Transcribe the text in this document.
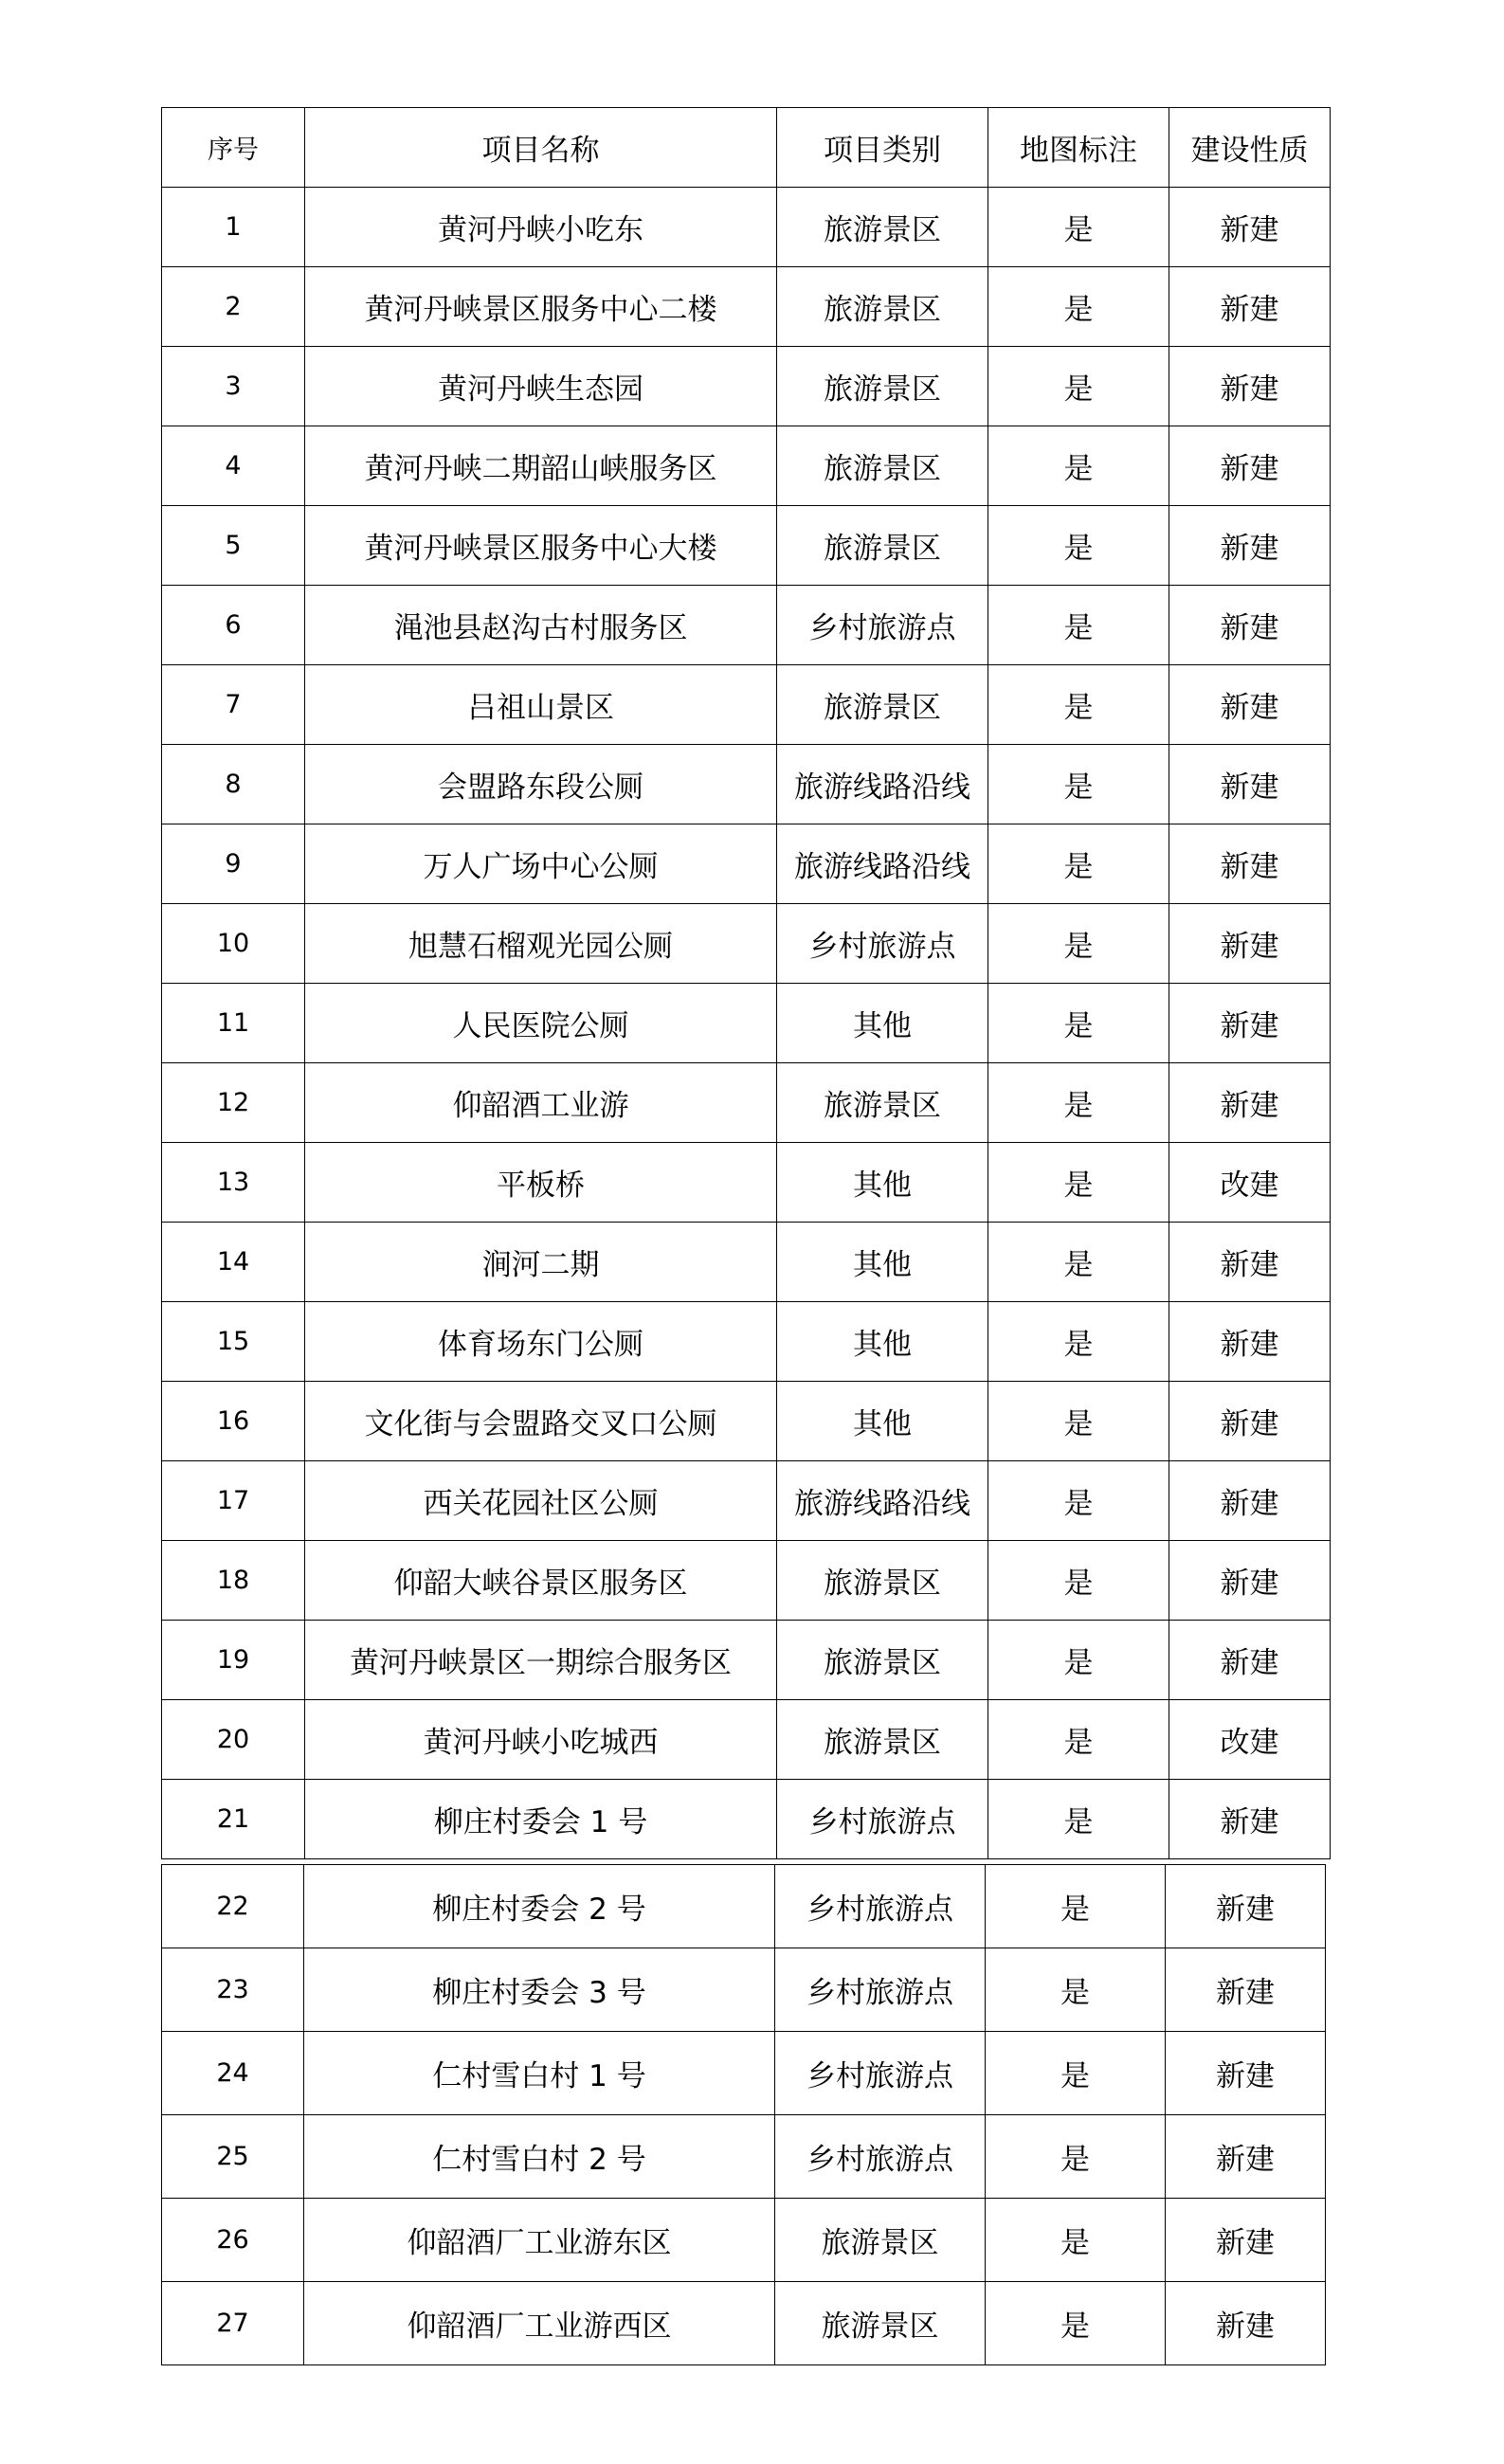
序号	项目名称	项目类别	地图标注	建设性质
1	黄河丹峡小吃东	旅游景区	是	新建
2	黄河丹峡景区服务中心二楼	旅游景区	是	新建
3	黄河丹峡生态园	旅游景区	是	新建
4	黄河丹峡二期韶山峡服务区	旅游景区	是	新建
5	黄河丹峡景区服务中心大楼	旅游景区	是	新建
6	渑池县赵沟古村服务区	乡村旅游点	是	新建
7	吕祖山景区	旅游景区	是	新建
8	会盟路东段公厕	旅游线路沿线	是	新建
9	万人广场中心公厕	旅游线路沿线	是	新建
10	旭慧石榴观光园公厕	乡村旅游点	是	新建
11	人民医院公厕	其他	是	新建
12	仰韶酒工业游	旅游景区	是	新建
13	平板桥	其他	是	改建
14	涧河二期	其他	是	新建
15	体育场东门公厕	其他	是	新建
16	文化街与会盟路交叉口公厕	其他	是	新建
17	西关花园社区公厕	旅游线路沿线	是	新建
18	仰韶大峡谷景区服务区	旅游景区	是	新建
19	黄河丹峡景区一期综合服务区	旅游景区	是	新建
20	黄河丹峡小吃城西	旅游景区	是	改建
21	柳庄村委会 1 号	乡村旅游点	是	新建
22	柳庄村委会 2 号	乡村旅游点	是	新建
23	柳庄村委会 3 号	乡村旅游点	是	新建
24	仁村雪白村 1 号	乡村旅游点	是	新建
25	仁村雪白村 2 号	乡村旅游点	是	新建
26	仰韶酒厂工业游东区	旅游景区	是	新建
27	仰韶酒厂工业游西区	旅游景区	是	新建
